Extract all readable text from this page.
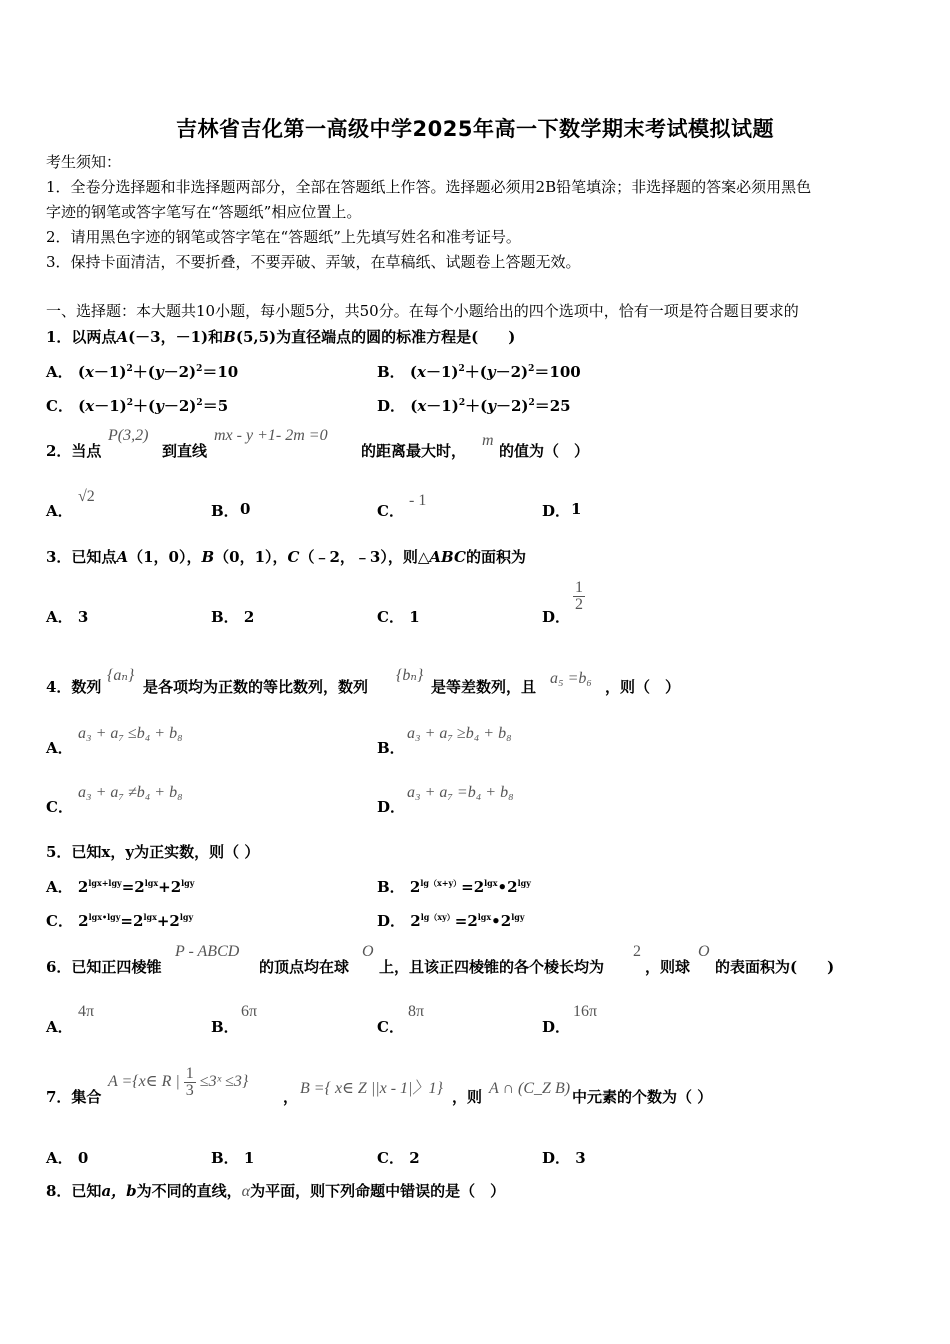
吉林省吉化第一高级中学2025年高一下数学期末考试模拟试题
考生须知：
1．全卷分选择题和非选择题两部分，全部在答题纸上作答。选择题必须用2B铅笔填涂；非选择题的答案必须用黑色
字迹的钢笔或答字笔写在“答题纸”相应位置上。
2．请用黑色字迹的钢笔或答字笔在“答题纸”上先填写姓名和准考证号。
3．保持卡面清洁，不要折叠，不要弄破、弄皱，在草稿纸、试题卷上答题无效。
一、选择题：本大题共10小题，每小题5分，共50分。在每个小题给出的四个选项中，恰有一项是符合题目要求的
1．以两点A(－3，－1)和B(5,5)为直径端点的圆的标准方程是(　　)
A． $(x-1)^2+(y-2)^2=10$	B． $(x-1)^2+(y-2)^2=100$
C． $(x-1)^2+(y-2)^2=5$	D． $(x-1)^2+(y-2)^2=25$
2．当点
P(3,2)
到直线
mx - y +1- 2m =0
的距离最大时，
m
的值为（　）
A．
√2
B． 0	C．
- 1
D． 1
3．已知点A（1，0），B（0，1），C（﹣2，﹣3），则△ABC的面积为
A． 3	B． 2	C． 1	D．
$\frac{1}{2}$
4．数列
{aₙ}
是各项均为正数的等比数列，数列
{bₙ}
是等差数列，且 a₅ =b₆ ，则（　）
A．
a₃ + a₇ ≤b₄ + b₈
B．
a₃ + a₇ ≥b₄ + b₈
C．
a₃ + a₇ ≠b₄ + b₈
D．
a₃ + a₇ =b₄ + b₈
5．已知x，y为正实数，则（ ）
A． $2^{lgx+lgy}=2^{lgx}+2^{lgy}$	B． $2^{lg(x+y)}=2^{lgx}•2^{lgy}$
C． $2^{lgx•lgy}=2^{lgx}+2^{lgy}$	D． $2^{lg(xy)}=2^{lgx}•2^{lgy}$
6．已知正四棱锥
P - ABCD
的顶点均在球
O
上，且该正四棱锥的各个棱长均为
2
，则球
O
的表面积为(　　)
A．
4π
B．
6π
C．
8π
D．
16π
7．集合
A ={x∈ R | $\frac{1}{3}$ ≤3ˣ ≤3}
， B ={ x∈ Z ||x - 1|〉1} ，则 A ∩ (C_Z B) 中元素的个数为（ ）
A． 0	B． 1	C． 2	D． 3
8．已知a，b为不同的直线，α为平面，则下列命题中错误的是（　）
